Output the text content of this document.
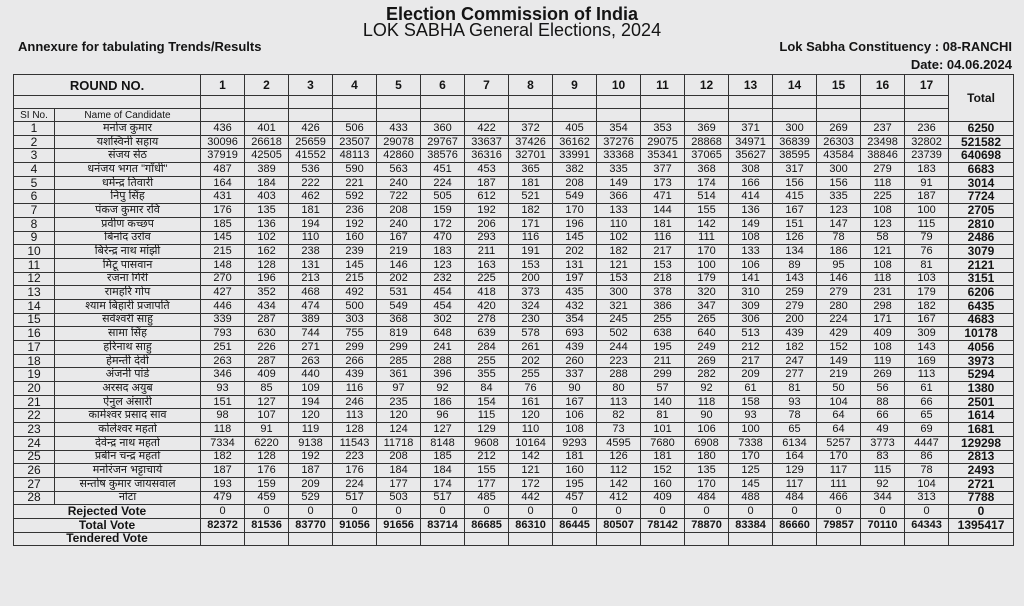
Election Commission of India
LOK SABHA General Elections, 2024
Annexure for tabulating Trends/Results	Lok Sabha Constituency : 08-RANCHI
Date: 04.06.2024
ROUND NO.		1	2	3	4	5	6	7	8	9	10	11	12	13	14	15	16	17	Total

SI No.	Name of Candidate																		
1	मनोज कुमार	436	401	426	506	433	360	422	372	405	354	353	369	371	300	269	237	236	6250
2	यशस्विनी सहाय	30096	26618	25659	23507	29078	29767	33637	37426	36162	37276	29075	28868	34971	36839	26303	23498	32802	521582
3	संजय सेठ	37919	42505	41552	48113	42860	38576	36316	32701	33991	33368	35341	37065	35627	38595	43584	38846	23739	640698
4	धनंजय भगत "गाँधी"	487	389	536	590	563	451	453	365	382	335	377	368	308	317	300	279	183	6683
5	धर्मेन्द्र तिवारी	164	184	222	221	240	224	187	181	208	149	173	174	166	156	156	118	91	3014
6	निपु सिंह	431	403	462	592	722	505	612	521	549	366	471	514	414	415	335	225	187	7724
7	पंकज कुमार रवि	176	135	181	236	208	159	192	182	170	133	144	155	136	167	123	108	100	2705
8	प्रवीण कच्छप	185	136	194	192	240	172	206	171	196	110	181	142	149	151	147	123	115	2810
9	बिनोद उराँव	145	102	110	160	167	470	293	116	145	102	116	111	108	126	78	58	79	2486
10	बिरेन्द्र नाथ मांझी	215	162	238	239	219	183	211	191	202	182	217	170	133	134	186	121	76	3079
11	मिटू पासवान	148	128	131	145	146	123	163	153	131	121	153	100	106	89	95	108	81	2121
12	रंजना गिरी	270	196	213	215	202	232	225	200	197	153	218	179	141	143	146	118	103	3151
13	रामहरि गोप	427	352	468	492	531	454	418	373	435	300	378	320	310	259	279	231	179	6206
14	श्याम बिहारी प्रजापति	446	434	474	500	549	454	420	324	432	321	386	347	309	279	280	298	182	6435
15	सर्वेश्वरी साहु	339	287	389	303	368	302	278	230	354	245	255	265	306	200	224	171	167	4683
16	सामा सिंह	793	630	744	755	819	648	639	578	693	502	638	640	513	439	429	409	309	10178
17	हरिनाथ साहु	251	226	271	299	299	241	284	261	439	244	195	249	212	182	152	108	143	4056
18	हेमन्ती देवी	263	287	263	266	285	288	255	202	260	223	211	269	217	247	149	119	169	3973
19	अंजनी पांडे	346	409	440	439	361	396	355	255	337	288	299	282	209	277	219	269	113	5294
20	अरसद अयुब	93	85	109	116	97	92	84	76	90	80	57	92	61	81	50	56	61	1380
21	ऐनुल अंसारी	151	127	194	246	235	186	154	161	167	113	140	118	158	93	104	88	66	2501
22	कामेश्वर प्रसाद साव	98	107	120	113	120	96	115	120	106	82	81	90	93	78	64	66	65	1614
23	कोलेश्वर महतो	118	91	119	128	124	127	129	110	108	73	101	106	100	65	64	49	69	1681
24	देवेन्द्र नाथ महतो	7334	6220	9138	11543	11718	8148	9608	10164	9293	4595	7680	6908	7338	6134	5257	3773	4447	129298
25	प्रबीन चन्द्र महतो	182	128	192	223	208	185	212	142	181	126	181	180	170	164	170	83	86	2813
26	मनोरंजन भट्टाचार्य	187	176	187	176	184	184	155	121	160	112	152	135	125	129	117	115	78	2493
27	सन्तोष कुमार जायसवाल	193	159	209	224	177	174	177	172	195	142	160	170	145	117	111	92	104	2721
28	नोटा	479	459	529	517	503	517	485	442	457	412	409	484	488	484	466	344	313	7788
Rejected Vote		0	0	0	0	0	0	0	0	0	0	0	0	0	0	0	0	0	0
Total Vote		82372	81536	83770	91056	91656	83714	86685	86310	86445	80507	78142	78870	83384	86660	79857	70110	64343	1395417
Tendered Vote																			
